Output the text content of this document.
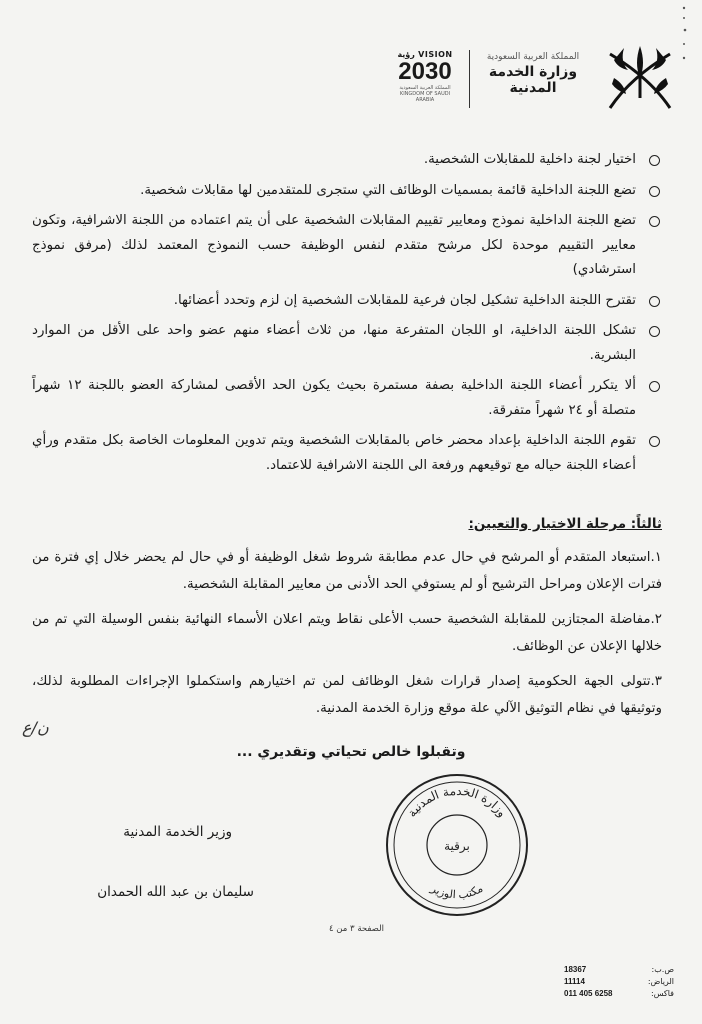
المملكة العربية السعودية
وزارة الخدمة المدنية
VISION رؤية
2030
المملكة العربية السعودية KINGDOM OF SAUDI ARABIA
اختيار لجنة داخلية للمقابلات الشخصية.
تضع اللجنة الداخلية قائمة بمسميات الوظائف التي ستجرى للمتقدمين لها مقابلات شخصية.
تضع اللجنة الداخلية نموذج ومعايير تقييم المقابلات الشخصية على أن يتم اعتماده من اللجنة الاشرافية، وتكون معايير التقييم موحدة لكل مرشح متقدم لنفس الوظيفة حسب النموذج المعتمد لذلك (مرفق نموذج استرشادي)
تقترح اللجنة الداخلية تشكيل لجان فرعية للمقابلات الشخصية إن لزم وتحدد أعضائها.
تشكل اللجنة الداخلية، او اللجان المتفرعة منها، من ثلاث أعضاء منهم عضو واحد على الأقل من الموارد البشرية.
ألا يتكرر أعضاء اللجنة الداخلية بصفة مستمرة بحيث يكون الحد الأقصى لمشاركة العضو باللجنة ١٢ شهراً متصلة أو ٢٤ شهراً متفرقة.
تقوم اللجنة الداخلية بإعداد محضر خاص بالمقابلات الشخصية ويتم تدوين المعلومات الخاصة بكل متقدم ورأي أعضاء اللجنة حياله مع توقيعهم ورفعة الى اللجنة الاشرافية للاعتماد.
ثالثاً: مرحلة الاختيار والتعيين:
١.استبعاد المتقدم أو المرشح في حال عدم مطابقة شروط شغل الوظيفة أو في حال لم يحضر خلال إي فترة من فترات الإعلان ومراحل الترشيح أو لم يستوفي الحد الأدنى من معايير المقابلة الشخصية.
٢.مفاضلة المجتازين للمقابلة الشخصية حسب الأعلى نقاط ويتم اعلان الأسماء النهائية بنفس الوسيلة التي تم من خلالها الإعلان عن الوظائف.
٣.تتولى الجهة الحكومية إصدار قرارات شغل الوظائف لمن تم اختيارهم واستكملوا الإجراءات المطلوبة لذلك، وتوثيقها في نظام التوثيق الآلي علة موقع وزارة الخدمة المدنية.
ن/ع
وتقبلوا خالص تحياتي وتقديري ...
وزارة الخدمة المدنية
برقية
مكتب الوزير
وزير الخدمة المدنية
سليمان بن عبد الله الحمدان
الصفحة ٣ من ٤
ص.ب:
18367
الرياض:
11114
فاكس:
011 405 6258
